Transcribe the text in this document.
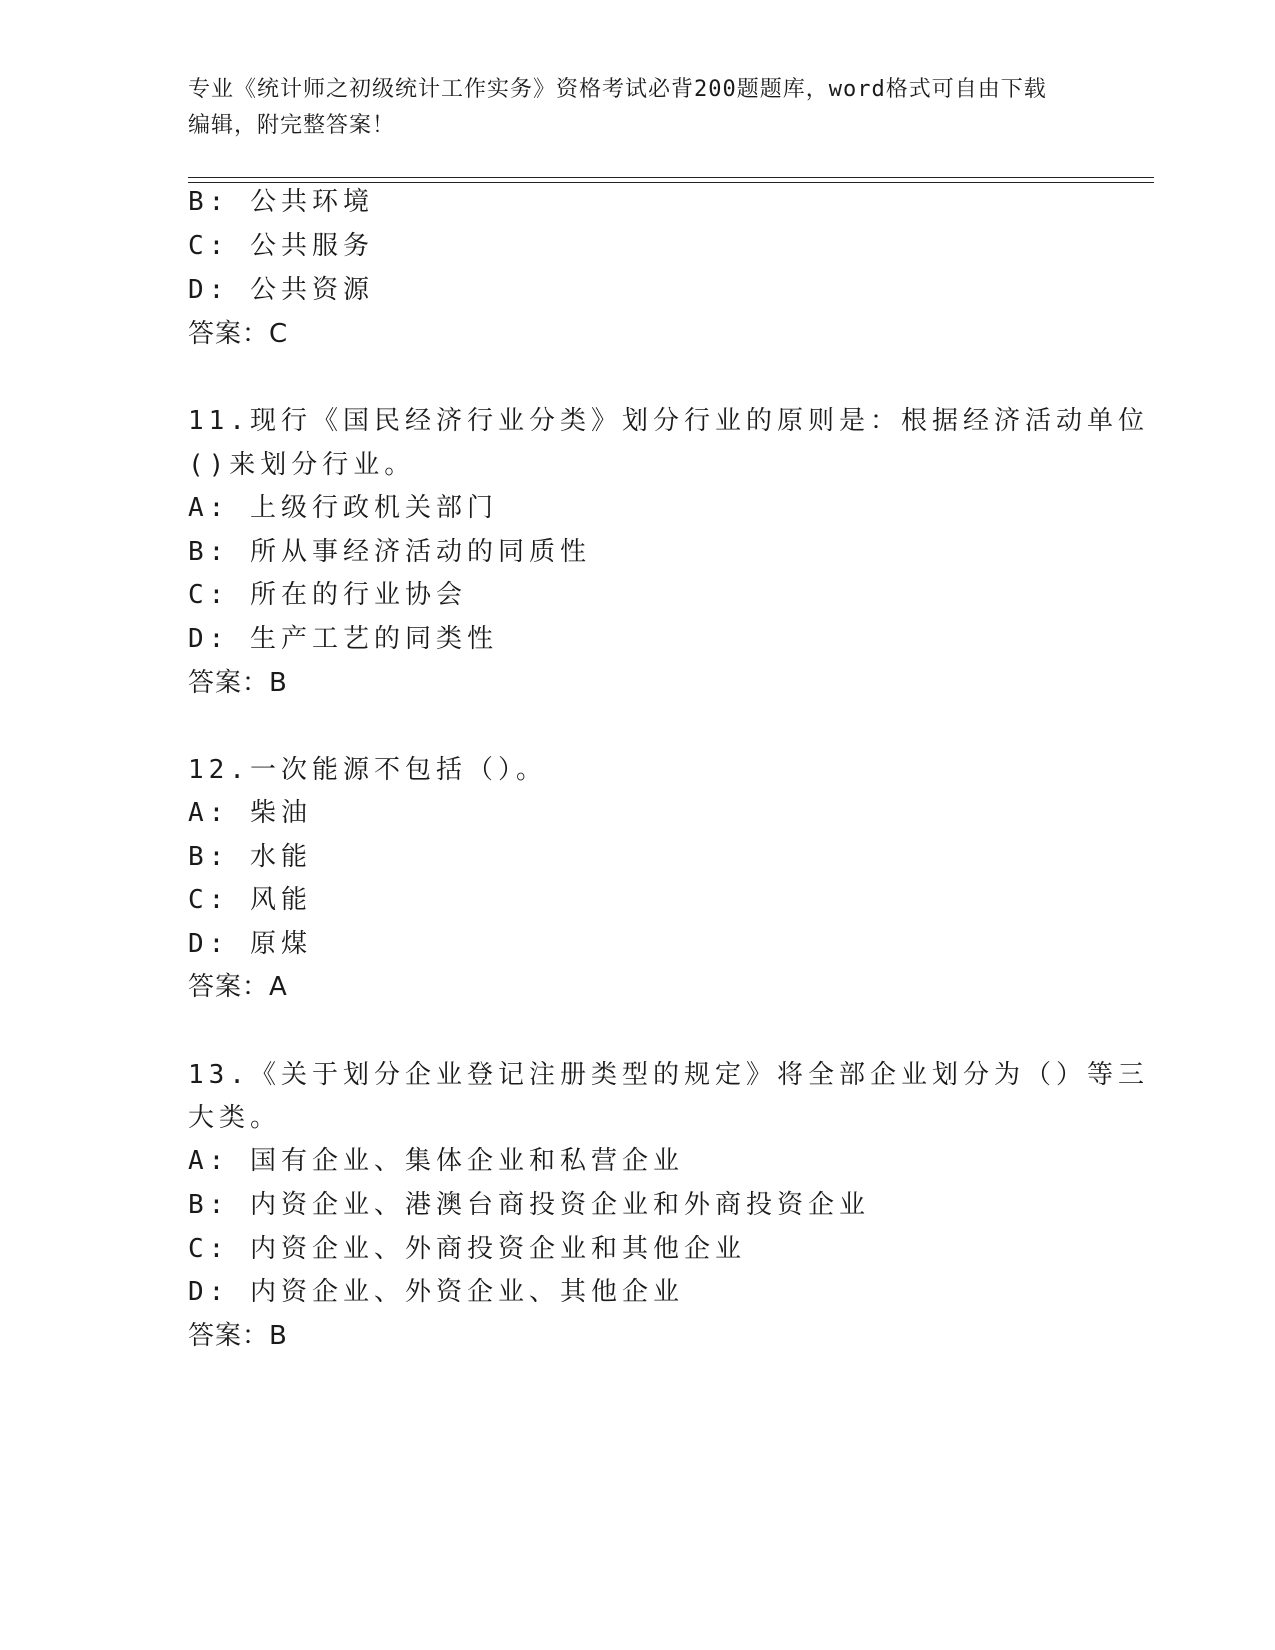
专业《统计师之初级统计工作实务》资格考试必背200题题库，word格式可自由下载编辑，附完整答案！
B: 公共环境
C: 公共服务
D: 公共资源
答案：C
11.现行《国民经济行业分类》划分行业的原则是：根据经济活动单位
()来划分行业。
A: 上级行政机关部门
B: 所从事经济活动的同质性
C: 所在的行业协会
D: 生产工艺的同类性
答案：B
12.一次能源不包括（）。
A: 柴油
B: 水能
C: 风能
D: 原煤
答案：A
13.《关于划分企业登记注册类型的规定》将全部企业划分为（）等三
大类。
A: 国有企业、集体企业和私营企业
B: 内资企业、港澳台商投资企业和外商投资企业
C: 内资企业、外商投资企业和其他企业
D: 内资企业、外资企业、其他企业
答案：B
